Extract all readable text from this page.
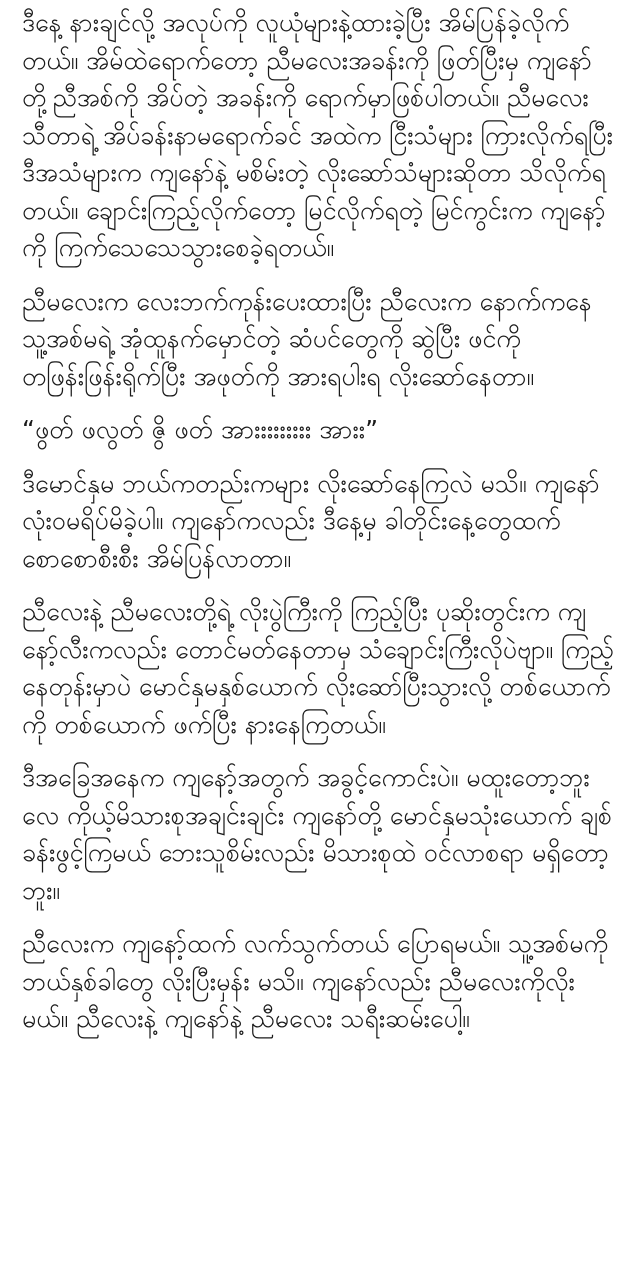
ဒီနေ့ နားချင်လို့ အလုပ်ကို လူယုံများနဲ့ထားခဲ့ပြီး အိမ်ပြန်ခဲ့လိုက်တယ်။ အိမ်ထဲရောက်တော့ ညီမလေးအခန်းကို ဖြတ်ပြီးမှ ကျနော်တို့ညီအစ်ကို အိပ်တဲ့ အခန်းကို ရောက်မှာဖြစ်ပါတယ်။ ညီမလေးသီတာရဲ့ အိပ်ခန်းနာမရောက်ခင် အထဲက ငြီးသံများ ကြားလိုက်ရပြီး ဒီအသံများက ကျနော်နဲ့ မစိမ်းတဲ့ လိုးဆော်သံများဆိုတာ သိလိုက်ရတယ်။ ချောင်းကြည့်လိုက်တော့ မြင်လိုက်ရတဲ့ မြင်ကွင်းက ကျနော့်ကို ကြက်သေသေသွားစေခဲ့ရတယ်။

ညီမလေးက လေးဘက်ကုန်းပေးထားပြီး ညီလေးက နောက်ကနေ သူ့အစ်မရဲ့ အုံထူနက်မှောင်တဲ့ ဆံပင်တွေကို ဆွဲပြီး ဖင်ကို တဖြန်းဖြန်းရိုက်ပြီး အဖုတ်ကို အားရပါးရ လိုးဆော်နေတာ။

“ဖွတ် ဖလွတ် ဇွိ ဖတ် အားးးးးးးးး အားး”

ဒီမောင်နှမ ဘယ်ကတည်းကများ လိုးဆော်နေကြလဲ မသိ။ ကျနော် လုံးဝမရိပ်မိခဲ့ပါ။ ကျနော်ကလည်း ဒီနေ့မှ ခါတိုင်းနေ့တွေထက် စောစောစီးစီး အိမ်ပြန်လာတာ။

ညီလေးနဲ့ ညီမလေးတို့ရဲ့ လိုးပွဲကြီးကို ကြည့်ပြီး ပုဆိုးတွင်းက ကျနော့်လီးကလည်း တောင်မတ်နေတာမှ သံချောင်းကြီးလိုပဲဗျာ။ ကြည့်နေတုန်းမှာပဲ မောင်နှမနှစ်ယောက် လိုးဆော်ပြီးသွားလို့ တစ်ယောက်ကို တစ်ယောက် ဖက်ပြီး နားနေကြတယ်။

ဒီအခြေအနေက ကျနော့်အတွက် အခွင့်ကောင်းပဲ။ မထူးတော့ဘူးလေ ကိုယ့်မိသားစုအချင်းချင်း ကျနော်တို့ မောင်နှမသုံးယောက် ချစ်ခန်းဖွင့်ကြမယ် ဘေးသူစိမ်းလည်း မိသားစုထဲ ဝင်လာစရာ မရှိတော့ဘူး။

ညီလေးက ကျနော့်ထက် လက်သွက်တယ် ပြောရမယ်။ သူ့အစ်မကို ဘယ်နှစ်ခါတွေ လိုးပြီးမှန်း မသိ။ ကျနော်လည်း ညီမလေးကိုလိုးမယ်။ ညီလေးနဲ့ ကျနော်နဲ့ ညီမလေး သရီးဆမ်းပေါ့။
